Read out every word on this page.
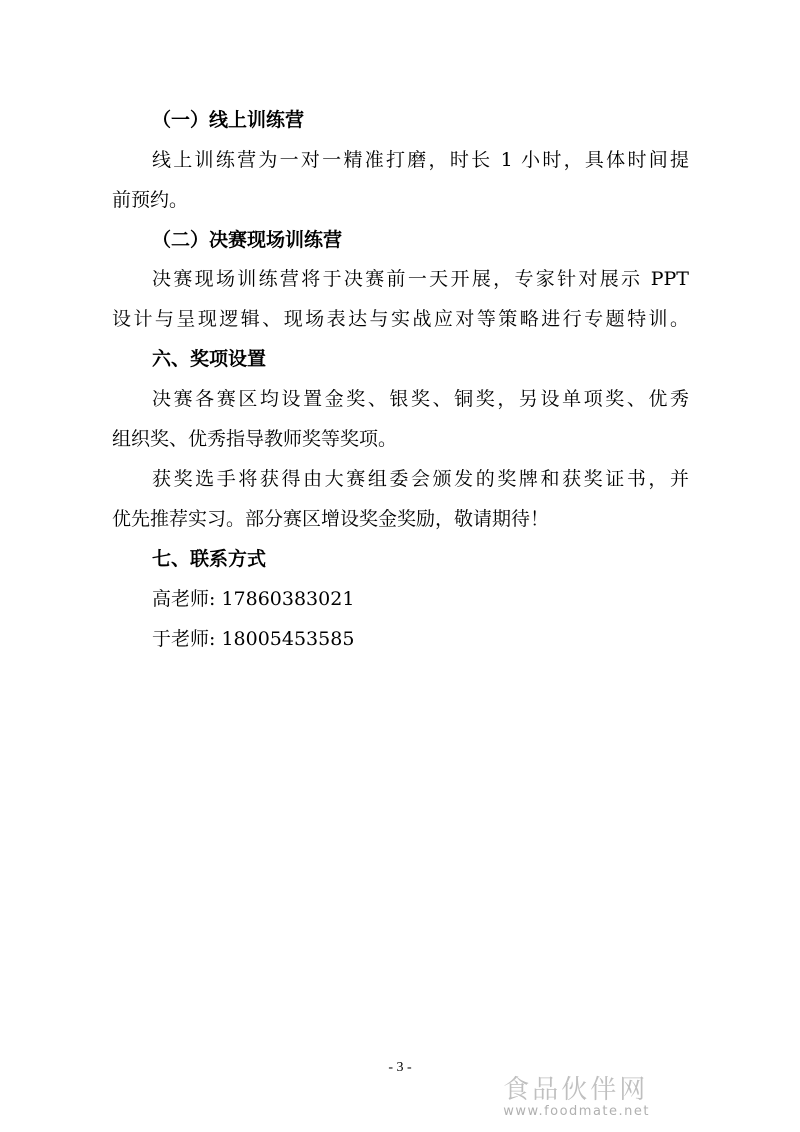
（一）线上训练营
线上训练营为一对一精准打磨，时长 1 小时，具体时间提
前预约。
（二）决赛现场训练营
决赛现场训练营将于决赛前一天开展，专家针对展示 PPT
设计与呈现逻辑、现场表达与实战应对等策略进行专题特训。
六、奖项设置
决赛各赛区均设置金奖、银奖、铜奖，另设单项奖、优秀
组织奖、优秀指导教师奖等奖项。
获奖选手将获得由大赛组委会颁发的奖牌和获奖证书，并
优先推荐实习。部分赛区增设奖金奖励，敬请期待！
七、联系方式
高老师: 17860383021
于老师: 18005453585
- 3 -
食品伙伴网
www.foodmate.net
